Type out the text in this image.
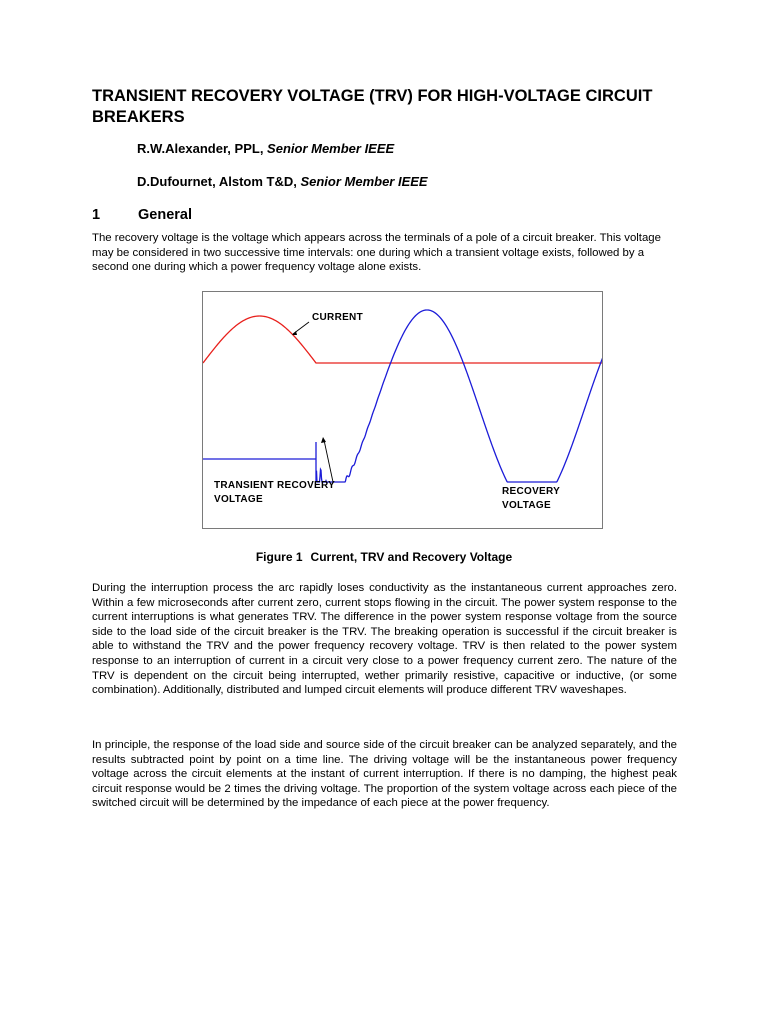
TRANSIENT RECOVERY VOLTAGE (TRV) FOR HIGH-VOLTAGE CIRCUIT BREAKERS
R.W.Alexander, PPL, Senior Member IEEE
D.Dufournet, Alstom T&D, Senior Member IEEE
1	General

The recovery voltage is the voltage which appears across the terminals of a pole of a circuit breaker. This voltage may be considered in two successive time intervals: one during which a transient voltage exists, followed by a second one during which a power frequency voltage alone exists.

CURRENT
TRANSIENT RECOVERY
VOLTAGE
RECOVERY
VOLTAGE
Figure 1 Current, TRV and Recovery Voltage

During the interruption process the arc rapidly loses conductivity as the instantaneous current approaches zero. Within a few microseconds after current zero, current stops flowing in the circuit. The power system response to the current interruptions is what generates TRV. The difference in the power system response voltage from the source side to the load side of the circuit breaker is the TRV. The breaking operation is successful if the circuit breaker is able to withstand the TRV and the power frequency recovery voltage. TRV is then related to the power system response to an interruption of current in a circuit very close to a power frequency current zero. The nature of the TRV is dependent on the circuit being interrupted, wether primarily resistive, capacitive or inductive, (or some combination). Additionally, distributed and lumped circuit elements will produce different TRV waveshapes.

In principle, the response of the load side and source side of the circuit breaker can be analyzed separately, and the results subtracted point by point on a time line. The driving voltage will be the instantaneous power frequency voltage across the circuit elements at the instant of current interruption. If there is no damping, the highest peak circuit response would be 2 times the driving voltage. The proportion of the system voltage across each piece of the switched circuit will be determined by the impedance of each piece at the power frequency.
